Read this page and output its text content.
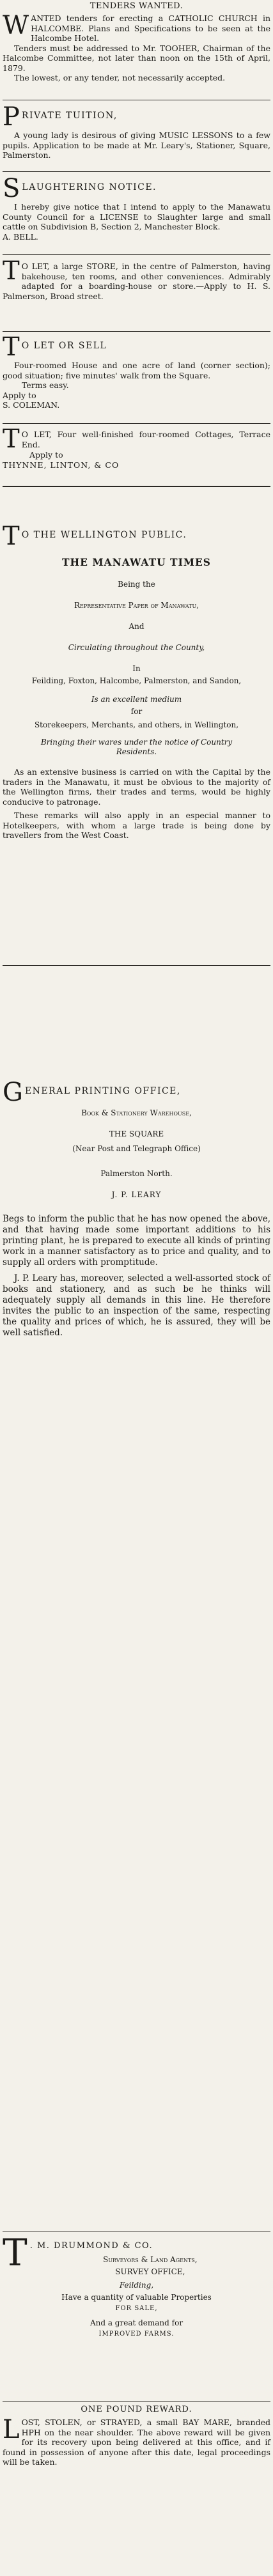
TENDERS WANTED.

W ANTED tenders for erecting a CATHOLIC CHURCH in HALCOMBE. Plans and Specifications to be seen at the Halcombe Hotel.

Tenders must be addressed to Mr. TOOHER, Chairman of the Halcombe Committee, not later than noon on the 15th of April, 1879.

The lowest, or any tender, not necessarily accepted.

P RIVATE TUITION,

A young lady is desirous of giving MUSIC LESSONS to a few pupils. Application to be made at Mr. Leary's, Stationer, Square, Palmerston.

S LAUGHTERING NOTICE.

I hereby give notice that I intend to apply to the Manawatu County Council for a LICENSE to Slaughter large and small cattle on Subdivision B, Section 2, Manchester Block.

A. BELL.

T O LET, a large STORE, in the centre of Palmerston, having bakehouse, ten rooms, and other conveniences. Admirably adapted for a boarding-house or store.—Apply to H. S. Palmerson, Broad street.

T O LET OR SELL

Four-roomed House and one acre of land (corner section); good situation; five minutes' walk from the Square.

Terms easy.

Apply to

S. COLEMAN.

T O LET, Four well-finished four-roomed Cottages, Terrace End.

Apply to

THYNNE, LINTON, & CO

T O THE WELLINGTON PUBLIC.

THE MANAWATU TIMES

Being the

Representative Paper of Manawatu,

And

Circulating throughout the County,

In

Feilding, Foxton, Halcombe, Palmerston, and Sandon,

Is an excellent medium

for

Storekeepers, Merchants, and others, in Wellington,

Bringing their wares under the notice of Country Residents.

As an extensive business is carried on with the Capital by the traders in the Manawatu, it must be obvious to the majority of the Wellington firms, their trades and terms, would be highly conducive to patronage.

These remarks will also apply in an especial manner to Hotelkeepers, with whom a large trade is being done by travellers from the West Coast.

G ENERAL PRINTING OFFICE,

Book & Stationery Warehouse,

THE SQUARE

(Near Post and Telegraph Office)

Palmerston North.

J. P. LEARY

Begs to inform the public that he has now opened the above, and that having made some important additions to his printing plant, he is prepared to execute all kinds of printing work in a manner satisfactory as to price and quality, and to supply all orders with promptitude.

J. P. Leary has, moreover, selected a well-assorted stock of books and stationery, and as such be he thinks will adequately supply all demands in this line. He therefore invites the public to an inspection of the same, respecting the quality and prices of which, he is assured, they will be well satisfied.

T . M. DRUMMOND & CO.

Surveyors & Land Agents,

SURVEY OFFICE,

Feilding,

Have a quantity of valuable Properties

FOR SALE,

And a great demand for

IMPROVED FARMS.

ONE POUND REWARD.

L OST, STOLEN, or STRAYED, a small BAY MARE, branded HPH on the near shoulder. The above reward will be given for its recovery upon being delivered at this office, and if found in possession of anyone after this date, legal proceedings will be taken.
